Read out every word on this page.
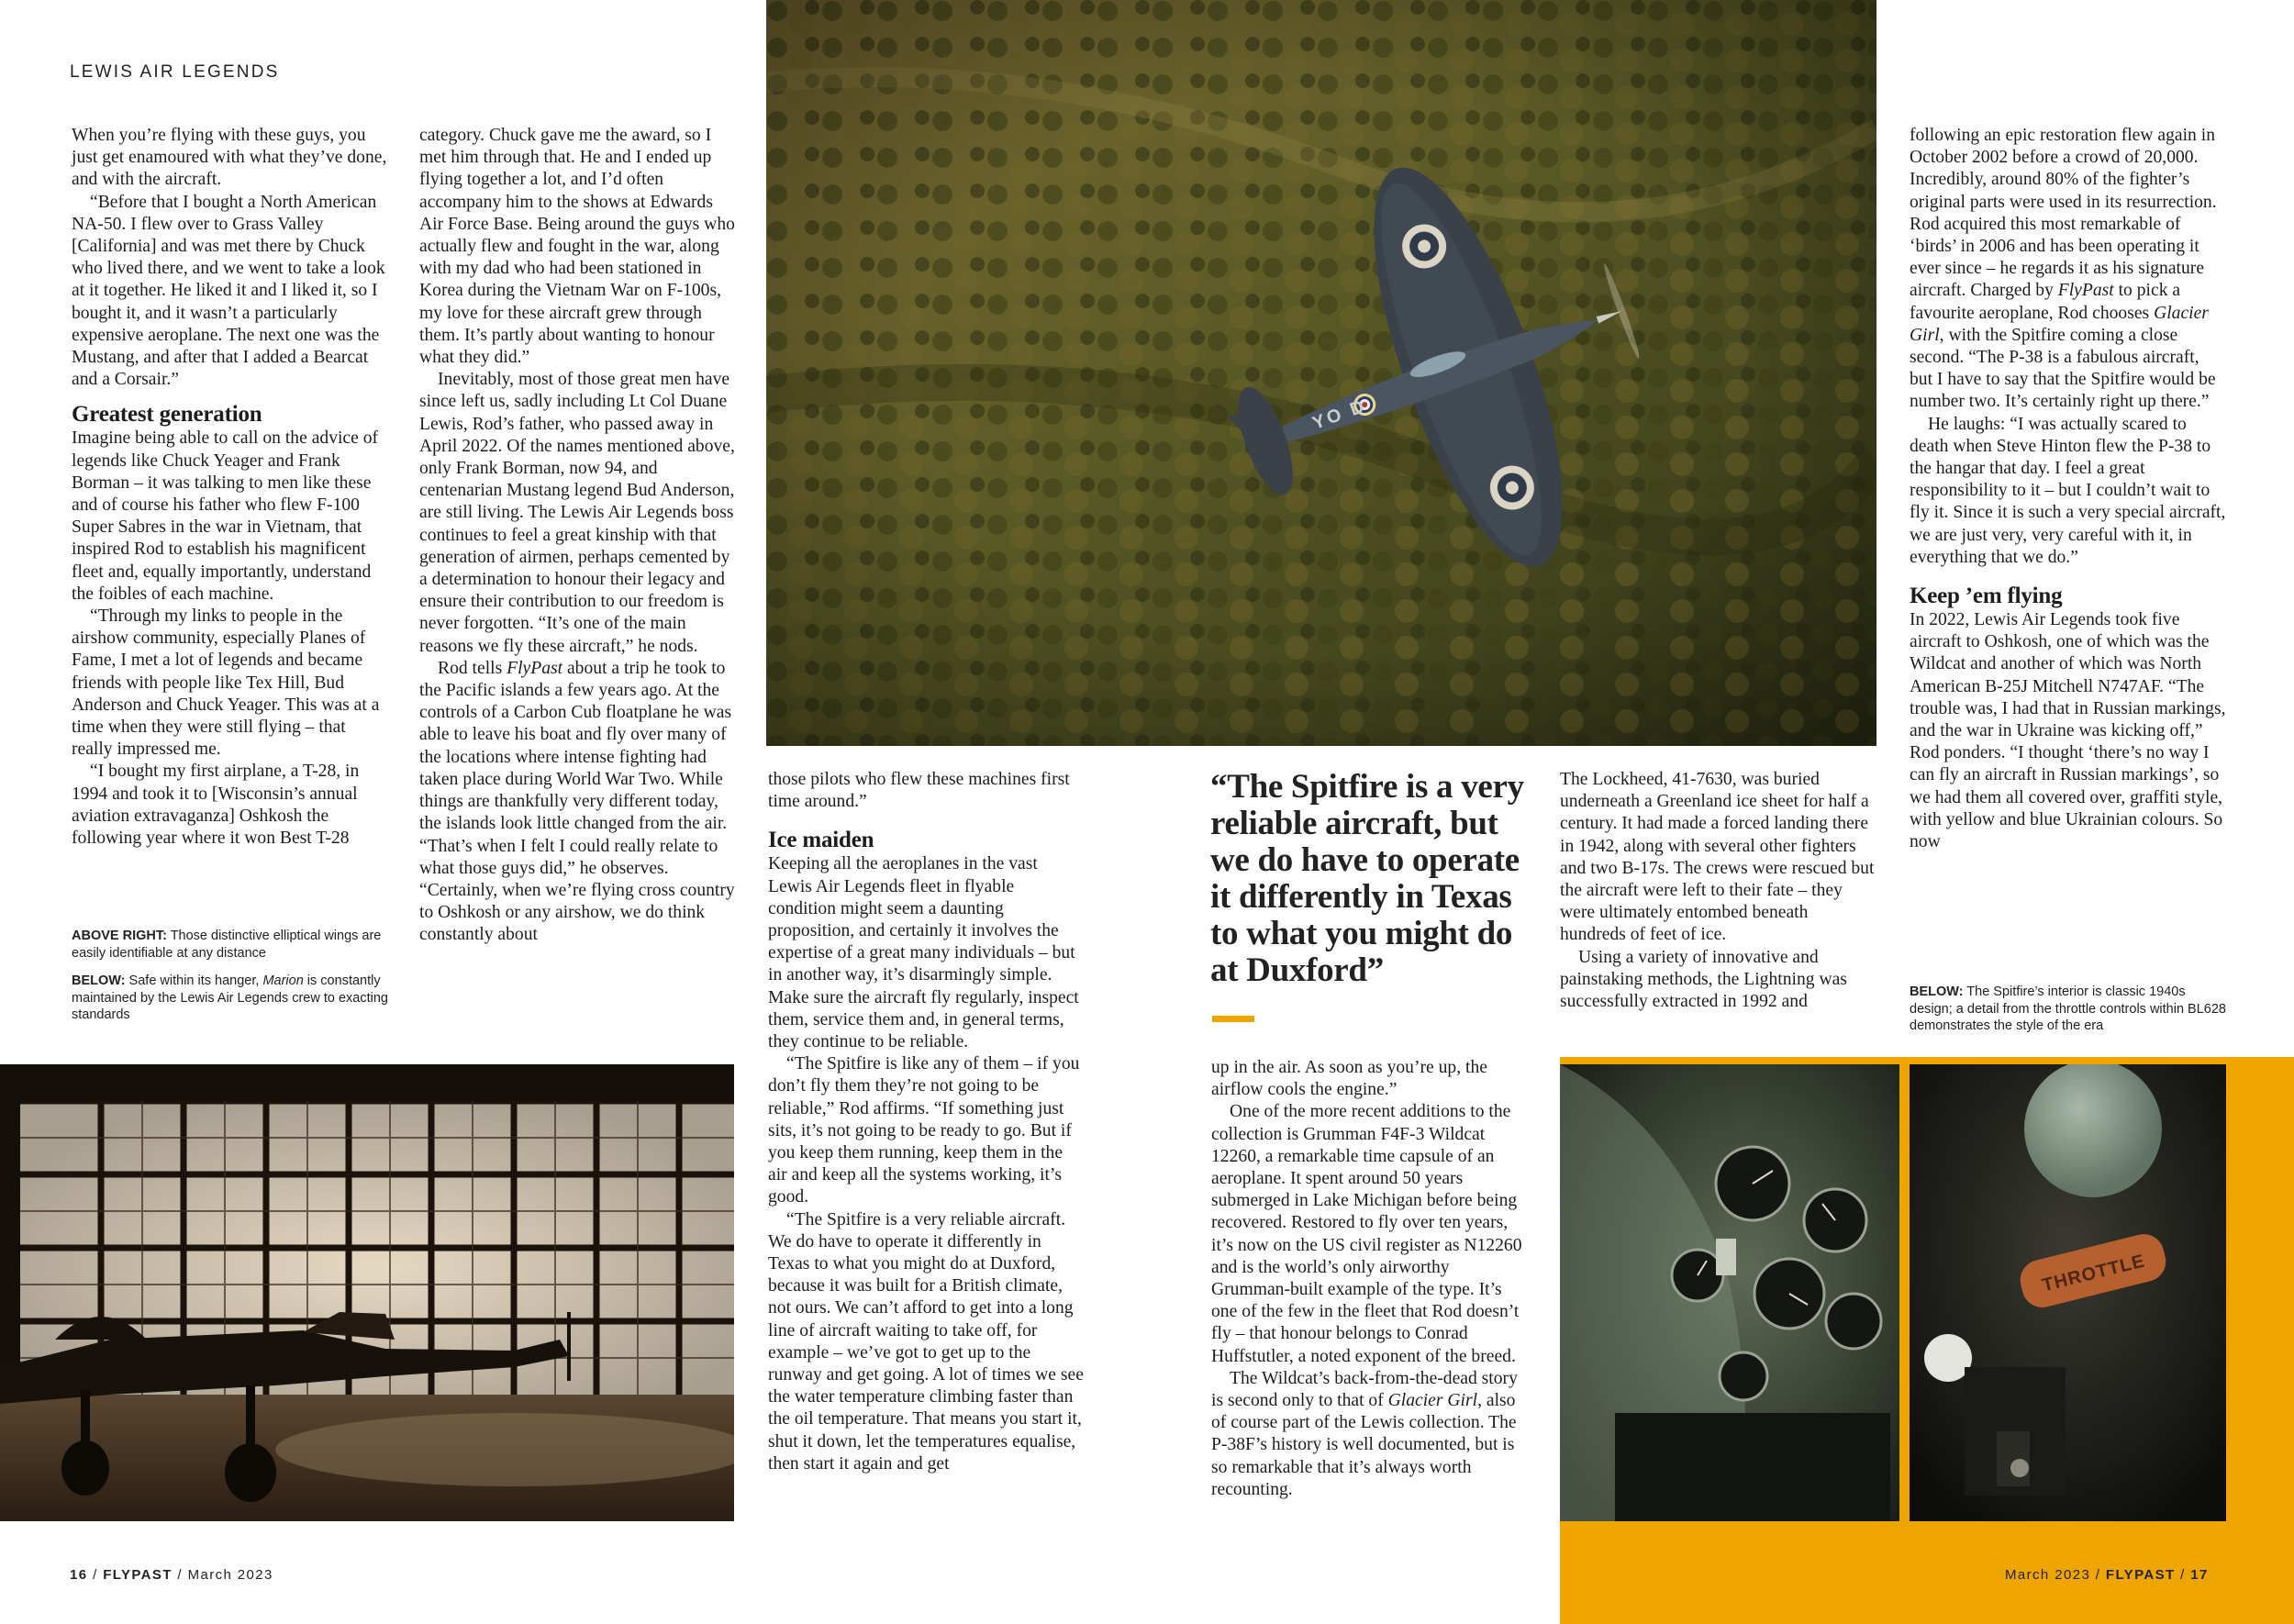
LEWIS AIR LEGENDS

When you’re flying with these guys, you just get enamoured with what they’ve done, and with the aircraft.

“Before that I bought a North American NA-50. I flew over to Grass Valley [California] and was met there by Chuck who lived there, and we went to take a look at it together. He liked it and I liked it, so I bought it, and it wasn’t a particularly expensive aeroplane. The next one was the Mustang, and after that I added a Bearcat and a Corsair.”

Greatest generation

Imagine being able to call on the advice of legends like Chuck Yeager and Frank Borman – it was talking to men like these and of course his father who flew F-100 Super Sabres in the war in Vietnam, that inspired Rod to establish his magnificent fleet and, equally importantly, understand the foibles of each machine.

“Through my links to people in the airshow community, especially Planes of Fame, I met a lot of legends and became friends with people like Tex Hill, Bud Anderson and Chuck Yeager. This was at a time when they were still flying – that really impressed me.

“I bought my first airplane, a T-28, in 1994 and took it to [Wisconsin’s annual aviation extravaganza] Oshkosh the following year where it won Best T-28

category. Chuck gave me the award, so I met him through that. He and I ended up flying together a lot, and I’d often accompany him to the shows at Edwards Air Force Base. Being around the guys who actually flew and fought in the war, along with my dad who had been stationed in Korea during the Vietnam War on F-100s, my love for these aircraft grew through them. It’s partly about wanting to honour what they did.”

Inevitably, most of those great men have since left us, sadly including Lt Col Duane Lewis, Rod’s father, who passed away in April 2022. Of the names mentioned above, only Frank Borman, now 94, and centenarian Mustang legend Bud Anderson, are still living. The Lewis Air Legends boss continues to feel a great kinship with that generation of airmen, perhaps cemented by a determination to honour their legacy and ensure their contribution to our freedom is never forgotten. “It’s one of the main reasons we fly these aircraft,” he nods.

Rod tells FlyPast about a trip he took to the Pacific islands a few years ago. At the controls of a Carbon Cub floatplane he was able to leave his boat and fly over many of the locations where intense fighting had taken place during World War Two. While things are thankfully very different today, the islands look little changed from the air. “That’s when I felt I could really relate to what those guys did,” he observes. “Certainly, when we’re flying cross country to Oshkosh or any airshow, we do think constantly about

ABOVE RIGHT: Those distinctive elliptical wings are easily identifiable at any distance

BELOW: Safe within its hanger, Marion is constantly maintained by the Lewis Air Legends crew to exacting standards

16 / FLYPAST / March 2023
YO D

those pilots who flew these machines first time around.”

Ice maiden

Keeping all the aeroplanes in the vast Lewis Air Legends fleet in flyable condition might seem a daunting proposition, and certainly it involves the expertise of a great many individuals – but in another way, it’s disarmingly simple. Make sure the aircraft fly regularly, inspect them, service them and, in general terms, they continue to be reliable.

“The Spitfire is like any of them – if you don’t fly them they’re not going to be reliable,” Rod affirms. “If something just sits, it’s not going to be ready to go. But if you keep them running, keep them in the air and keep all the systems working, it’s good.

“The Spitfire is a very reliable aircraft. We do have to operate it differently in Texas to what you might do at Duxford, because it was built for a British climate, not ours. We can’t afford to get into a long line of aircraft waiting to take off, for example – we’ve got to get up to the runway and get going. A lot of times we see the water temperature climbing faster than the oil temperature. That means you start it, shut it down, let the temperatures equalise, then start it again and get

“The Spitfire is a very reliable aircraft, but we do have to operate it differently in Texas to what you might do at Duxford”

up in the air. As soon as you’re up, the airflow cools the engine.”

One of the more recent additions to the collection is Grumman F4F-3 Wildcat 12260, a remarkable time capsule of an aeroplane. It spent around 50 years submerged in Lake Michigan before being recovered. Restored to fly over ten years, it’s now on the US civil register as N12260 and is the world’s only airworthy Grumman-built example of the type. It’s one of the few in the fleet that Rod doesn’t fly – that honour belongs to Conrad Huffstutler, a noted exponent of the breed.

The Wildcat’s back-from-the-dead story is second only to that of Glacier Girl, also of course part of the Lewis collection. The P-38F’s history is well documented, but is so remarkable that it’s always worth recounting.

The Lockheed, 41-7630, was buried underneath a Greenland ice sheet for half a century. It had made a forced landing there in 1942, along with several other fighters and two B-17s. The crews were rescued but the aircraft were left to their fate – they were ultimately entombed beneath hundreds of feet of ice.

Using a variety of innovative and painstaking methods, the Lightning was successfully extracted in 1992 and

following an epic restoration flew again in October 2002 before a crowd of 20,000. Incredibly, around 80% of the fighter’s original parts were used in its resurrection. Rod acquired this most remarkable of ‘birds’ in 2006 and has been operating it ever since – he regards it as his signature aircraft. Charged by FlyPast to pick a favourite aeroplane, Rod chooses Glacier Girl, with the Spitfire coming a close second. “The P-38 is a fabulous aircraft, but I have to say that the Spitfire would be number two. It’s certainly right up there.”

He laughs: “I was actually scared to death when Steve Hinton flew the P-38 to the hangar that day. I feel a great responsibility to it – but I couldn’t wait to fly it. Since it is such a very special aircraft, we are just very, very careful with it, in everything that we do.”

Keep ’em flying

In 2022, Lewis Air Legends took five aircraft to Oshkosh, one of which was the Wildcat and another of which was North American B-25J Mitchell N747AF. “The trouble was, I had that in Russian markings, and the war in Ukraine was kicking off,” Rod ponders. “I thought ‘there’s no way I can fly an aircraft in Russian markings’, so we had them all covered over, graffiti style, with yellow and blue Ukrainian colours. So now

BELOW: The Spitfire’s interior is classic 1940s design; a detail from the throttle controls within BL628 demonstrates the style of the era

THROTTLE
March 2023 / FLYPAST / 17
